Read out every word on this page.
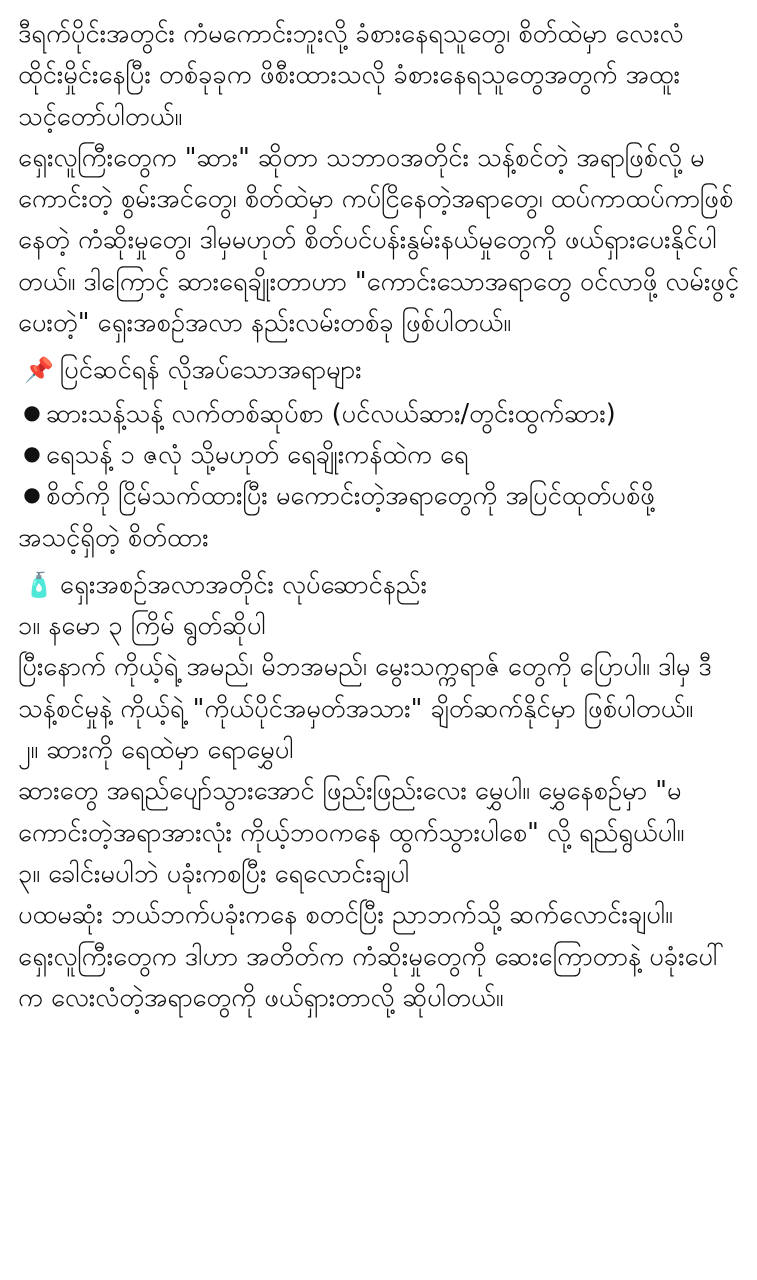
ဒီရက်ပိုင်းအတွင်း ကံမကောင်းဘူးလို့ ခံစားနေရသူတွေ၊ စိတ်ထဲမှာ လေးလံထိုင်းမှိုင်းနေပြီး တစ်ခုခုက ဖိစီးထားသလို ခံစားနေရသူတွေအတွက် အထူးသင့်တော်ပါတယ်။

ရှေးလူကြီးတွေက "ဆား" ဆိုတာ သဘာဝအတိုင်း သန့်စင်တဲ့ အရာဖြစ်လို့ မကောင်းတဲ့ စွမ်းအင်တွေ၊ စိတ်ထဲမှာ ကပ်ငြိနေတဲ့အရာတွေ၊ ထပ်ကာထပ်ကာဖြစ်နေတဲ့ ကံဆိုးမှုတွေ၊ ဒါမှမဟုတ် စိတ်ပင်ပန်းနွမ်းနယ်မှုတွေကို ဖယ်ရှားပေးနိုင်ပါတယ်။ ဒါကြောင့် ဆားရေချိုးတာဟာ "ကောင်းသောအရာတွေ ဝင်လာဖို့ လမ်းဖွင့်ပေးတဲ့" ရှေးအစဉ်အလာ နည်းလမ်းတစ်ခု ဖြစ်ပါတယ်။

📌 ပြင်ဆင်ရန် လိုအပ်သောအရာများ

● ဆားသန့်သန့် လက်တစ်ဆုပ်စာ (ပင်လယ်ဆား/တွင်းထွက်ဆား)
● ရေသန့် ၁ ဇလုံ သို့မဟုတ် ရေချိုးကန်ထဲက ရေ
● စိတ်ကို ငြိမ်သက်ထားပြီး မကောင်းတဲ့အရာတွေကို အပြင်ထုတ်ပစ်ဖို့ အသင့်ရှိတဲ့ စိတ်ထား

🧴 ရှေးအစဉ်အလာအတိုင်း လုပ်ဆောင်နည်း

၁။ နမော ၃ ကြိမ် ရွတ်ဆိုပါ

ပြီးနောက် ကိုယ့်ရဲ့ အမည်၊ မိဘအမည်၊ မွေးသက္ကရာဇ် တွေကို ပြောပါ။ ဒါမှ ဒီသန့်စင်မှုနဲ့ ကိုယ့်ရဲ့ "ကိုယ်ပိုင်အမှတ်အသား" ချိတ်ဆက်နိုင်မှာ ဖြစ်ပါတယ်။

၂။ ဆားကို ရေထဲမှာ ရောမွှေပါ

ဆားတွေ အရည်ပျော်သွားအောင် ဖြည်းဖြည်းလေး မွှေပါ။ မွှေနေစဉ်မှာ "မကောင်းတဲ့အရာအားလုံး ကိုယ့်ဘဝကနေ ထွက်သွားပါစေ" လို့ ရည်ရွယ်ပါ။

၃။ ခေါင်းမပါဘဲ ပခုံးကစပြီး ရေလောင်းချပါ

ပထမဆုံး ဘယ်ဘက်ပခုံးကနေ စတင်ပြီး ညာဘက်သို့ ဆက်လောင်းချပါ။ ရှေးလူကြီးတွေက ဒါဟာ အတိတ်က ကံဆိုးမှုတွေကို ဆေးကြောတာနဲ့ ပခုံးပေါ်က လေးလံတဲ့အရာတွေကို ဖယ်ရှားတာလို့ ဆိုပါတယ်။
